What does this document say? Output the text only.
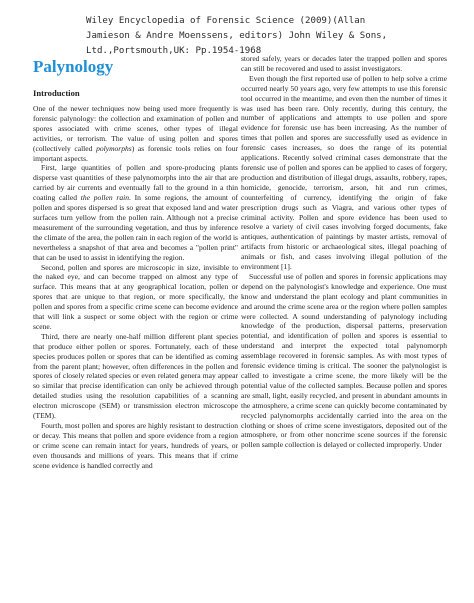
Wiley Encyclopedia of Forensic Science (2009)(Allan
Jamieson & Andre Moenssens, editors) John Wiley & Sons,
Ltd.,Portsmouth,UK: Pp.1954-1968
Palynology
Introduction

One of the newer techniques now being used more frequently is forensic palynology: the collection and examination of pollen and spores associated with crime scenes, other types of illegal activities, or terrorism. The value of using pollen and spores (collectively called polymorphs) as forensic tools relies on four important aspects.

First, large quantities of pollen and spore-producing plants disperse vast quantities of these palynomorphs into the air that are carried by air currents and eventually fall to the ground in a thin coating called the pollen rain. In some regions, the amount of pollen and spores dispersed is so great that exposed land and water surfaces turn yellow from the pollen rain. Although not a precise measurement of the surrounding vegetation, and thus by inference the climate of the area, the pollen rain in each region of the world is nevertheless a snapshot of that area and becomes a "pollen print" that can be used to assist in identifying the region.

Second, pollen and spores are microscopic in size, invisible to the naked eye, and can become trapped on almost any type of surface. This means that at any geographical location, pollen or spores that are unique to that region, or more specifically, the pollen and spores from a specific crime scene can become evidence that will link a suspect or some object with the region or crime scene.

Third, there are nearly one-half million different plant species that produce either pollen or spores. Fortunately, each of these species produces pollen or spores that can be identified as coming from the parent plant; however, often differences in the pollen and spores of closely related species or even related genera may appear so similar that precise identification can only be achieved through detailed studies using the resolution capabilities of a scanning electron microscope (SEM) or transmission electron microscope (TEM).

Fourth, most pollen and spores are highly resistant to destruction or decay. This means that pollen and spore evidence from a region or crime scene can remain intact for years, hundreds of years, or even thousands and millions of years. This means that if crime scene evidence is handled correctly and

stored safely, years or decades later the trapped pollen and spores can still be recovered and used to assist investigators.

Even though the first reported use of pollen to help solve a crime occurred nearly 50 years ago, very few attempts to use this forensic tool occurred in the meantime, and even then the number of times it was used has been rare. Only recently, during this century, the number of applications and attempts to use pollen and spore evidence for forensic use has been increasing. As the number of times that pollen and spores are successfully used as evidence in forensic cases increases, so does the range of its potential applications. Recently solved criminal cases demonstrate that the forensic use of pollen and spores can be applied to cases of forgery, production and distribution of illegal drugs, assaults, robbery, rapes, homicide, genocide, terrorism, arson, hit and run crimes, counterfeiting of currency, identifying the origin of fake prescription drugs such as Viagra, and various other types of criminal activity. Pollen and spore evidence has been used to resolve a variety of civil cases involving forged documents, fake antiques, authentication of paintings by master artists, removal of artifacts from historic or archaeological sites, illegal poaching of animals or fish, and cases involving illegal pollution of the environment [1].

Successful use of pollen and spores in forensic applications may depend on the palynologist's knowledge and experience. One must know and understand the plant ecology and plant communities in and around the crime scene area or the region where pollen samples were collected. A sound understanding of palynology including knowledge of the production, dispersal patterns, preservation potential, and identification of pollen and spores is essential to understand and interpret the expected total palynomorph assemblage recovered in forensic samples. As with most types of forensic evidence timing is critical. The sooner the palynologist is called to investigate a crime scene, the more likely will be the potential value of the collected samples. Because pollen and spores are small, light, easily recycled, and present in abundant amounts in the atmosphere, a crime scene can quickly become contaminated by recycled palynomorphs accidentally carried into the area on the clothing or shoes of crime scene investigators, deposited out of the atmosphere, or from other noncrime scene sources if the forensic pollen sample collection is delayed or collected improperly. Under
